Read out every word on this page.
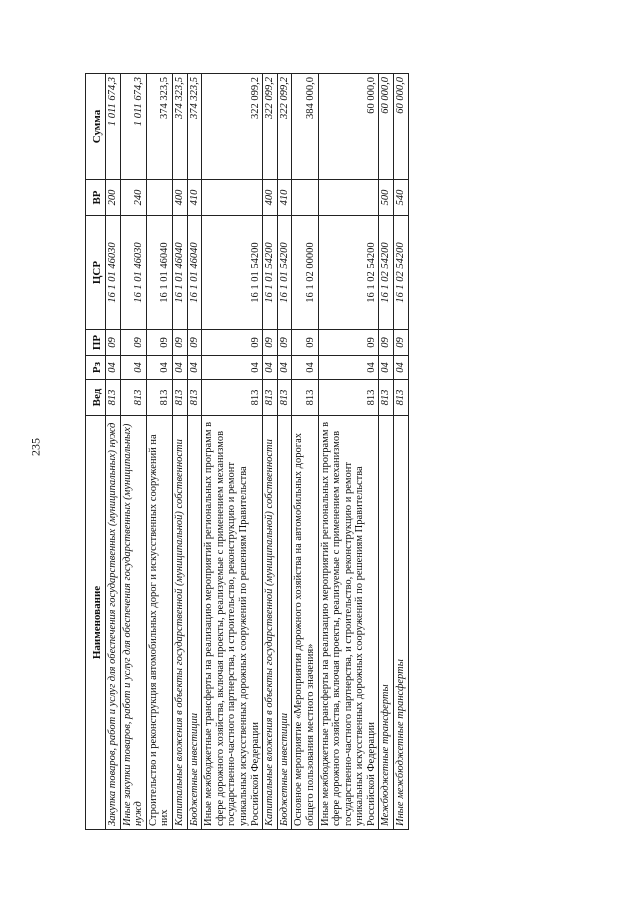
235
Наименование	Вед	Рз	ПР	ЦСР	ВР	Сумма
Закупка товаров, работ и услуг для обеспечения государственных (муниципальных) нужд	813	04	09	16 1 01 46030	200	1 011 674,3
Иные закупки товаров, работ и услуг для обеспечения государственных (муниципальных) нужд	813	04	09	16 1 01 46030	240	1 011 674,3
Строительство и реконструкция автомобильных дорог и искусственных сооружений на них	813	04	09	16 1 01 46040		374 323,5
Капитальные вложения в объекты государственной (муниципальной) собственности	813	04	09	16 1 01 46040	400	374 323,5
Бюджетные инвестиции	813	04	09	16 1 01 46040	410	374 323,5
Иные межбюджетные трансферты на реализацию мероприятий региональных программ в сфере дорожного хозяйства, включая проекты, реализуемые с применением механизмов государственно-частного партнерства, и строительство, реконструкцию и ремонт уникальных искусственных дорожных сооружений по решениям Правительства Российской Федерации	813	04	09	16 1 01 54200		322 099,2
Капитальные вложения в объекты государственной (муниципальной) собственности	813	04	09	16 1 01 54200	400	322 099,2
Бюджетные инвестиции	813	04	09	16 1 01 54200	410	322 099,2
Основное мероприятие «Мероприятия дорожного хозяйства на автомобильных дорогах общего пользования местного значения»	813	04	09	16 1 02 00000		384 000,0
Иные межбюджетные трансферты на реализацию мероприятий региональных программ в сфере дорожного хозяйства, включая проекты, реализуемые с применением механизмов государственно-частного партнерства, и строительство, реконструкцию и ремонт уникальных искусственных дорожных сооружений по решениям Правительства Российской Федерации	813	04	09	16 1 02 54200		60 000,0
Межбюджетные трансферты	813	04	09	16 1 02 54200	500	60 000,0
Иные межбюджетные трансферты	813	04	09	16 1 02 54200	540	60 000,0
